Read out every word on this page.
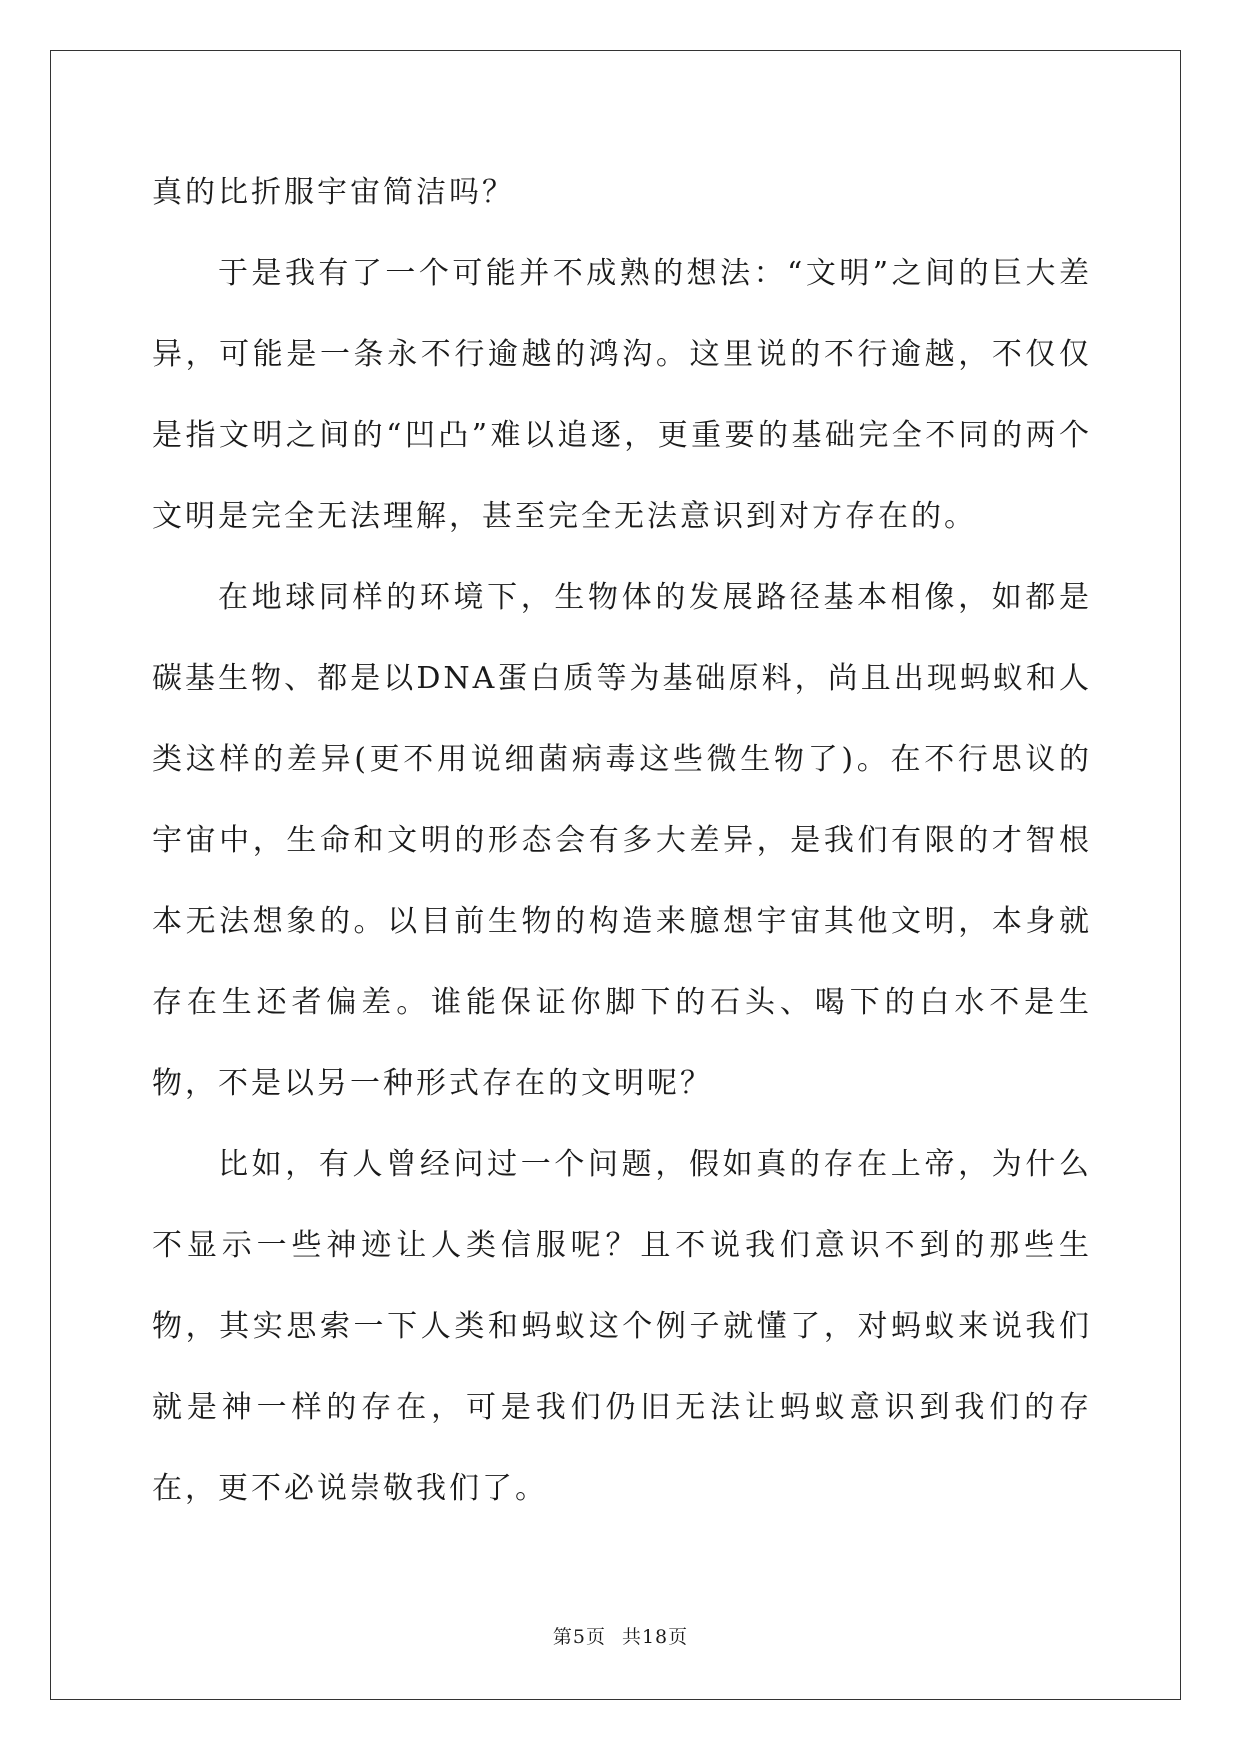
真的比折服宇宙简洁吗？

于是我有了一个可能并不成熟的想法：“文明”之间的巨大差异，可能是一条永不行逾越的鸿沟。这里说的不行逾越，不仅仅是指文明之间的“凹凸”难以追逐，更重要的基础完全不同的两个文明是完全无法理解，甚至完全无法意识到对方存在的。

在地球同样的环境下，生物体的发展路径基本相像，如都是碳基生物、都是以DNA蛋白质等为基础原料，尚且出现蚂蚁和人类这样的差异(更不用说细菌病毒这些微生物了)。在不行思议的宇宙中，生命和文明的形态会有多大差异，是我们有限的才智根本无法想象的。以目前生物的构造来臆想宇宙其他文明，本身就存在生还者偏差。谁能保证你脚下的石头、喝下的白水不是生物，不是以另一种形式存在的文明呢？

比如，有人曾经问过一个问题，假如真的存在上帝，为什么不显示一些神迹让人类信服呢？且不说我们意识不到的那些生物，其实思索一下人类和蚂蚁这个例子就懂了，对蚂蚁来说我们就是神一样的存在，可是我们仍旧无法让蚂蚁意识到我们的存在，更不必说崇敬我们了。

第5页 共18页
